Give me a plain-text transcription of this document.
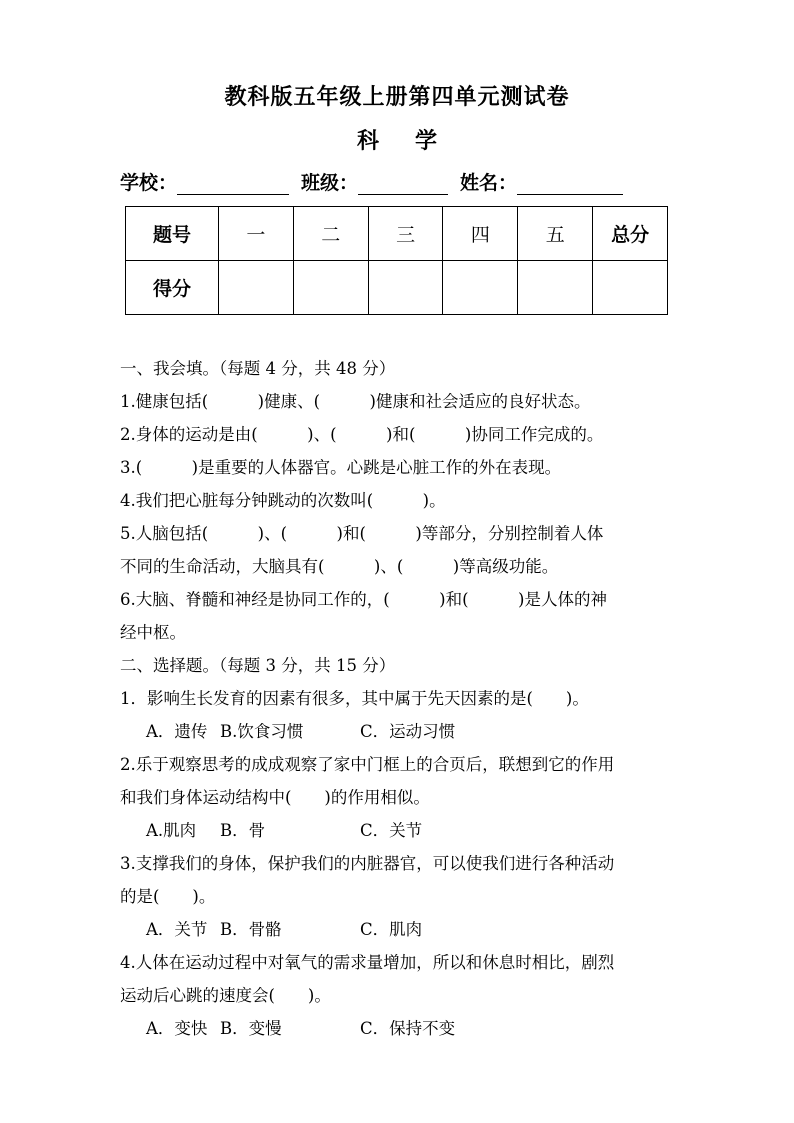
教科版五年级上册第四单元测试卷
科 学
学校：	班级：	姓名：
题号	一	二	三	四	五	总分
得分						

一、我会填。（每题 4 分，共 48 分）

1.健康包括(　　　)健康、(　　　)健康和社会适应的良好状态。

2.身体的运动是由(　　　)、(　　　)和(　　　)协同工作完成的。

3.(　　　)是重要的人体器官。心跳是心脏工作的外在表现。

4.我们把心脏每分钟跳动的次数叫(　　　)。

5.人脑包括(　　　)、(　　　)和(　　　)等部分，分别控制着人体

不同的生命活动，大脑具有(　　　)、(　　　)等高级功能。

6.大脑、脊髓和神经是协同工作的，(　　　)和(　　　)是人体的神

经中枢。

二、选择题。（每题 3 分，共 15 分）

1．影响生长发育的因素有很多，其中属于先天因素的是(　　)。

A．遗传 B.饮食习惯	C．运动习惯

2.乐于观察思考的成成观察了家中门框上的合页后，联想到它的作用

和我们身体运动结构中(　　)的作用相似。

A.肌肉 B．骨	C．关节

3.支撑我们的身体，保护我们的内脏器官，可以使我们进行各种活动

的是(　　)。

A．关节 B．骨骼	C．肌肉

4.人体在运动过程中对氧气的需求量增加，所以和休息时相比，剧烈

运动后心跳的速度会(　　)。

A．变快 B．变慢	C．保持不变
